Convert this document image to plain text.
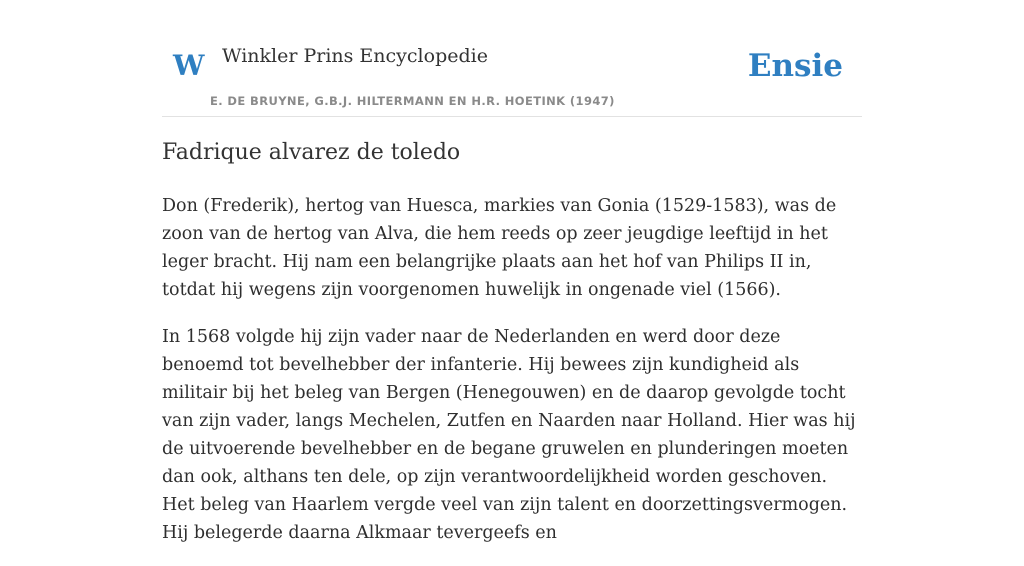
W Winkler Prins Encyclopedie
E. DE BRUYNE, G.B.J. HILTERMANN EN H.R. HOETINK (1947)
Ensie
Fadrique alvarez de toledo

Don (Frederik), hertog van Huesca, markies van Gonia (1529-1583), was de zoon van de hertog van Alva, die hem reeds op zeer jeugdige leeftijd in het leger bracht. Hij nam een belangrijke plaats aan het hof van Philips II in, totdat hij wegens zijn voorgenomen huwelijk in ongenade viel (1566).

In 1568 volgde hij zijn vader naar de Nederlanden en werd door deze benoemd tot bevelhebber der infanterie. Hij bewees zijn kundigheid als militair bij het beleg van Bergen (Henegouwen) en de daarop gevolgde tocht van zijn vader, langs Mechelen, Zutfen en Naarden naar Holland. Hier was hij de uitvoerende bevelhebber en de begane gruwelen en plunderingen moeten dan ook, althans ten dele, op zijn verantwoordelijkheid worden geschoven. Het beleg van Haarlem vergde veel van zijn talent en doorzettingsvermogen. Hij belegerde daarna Alkmaar tevergeefs en
